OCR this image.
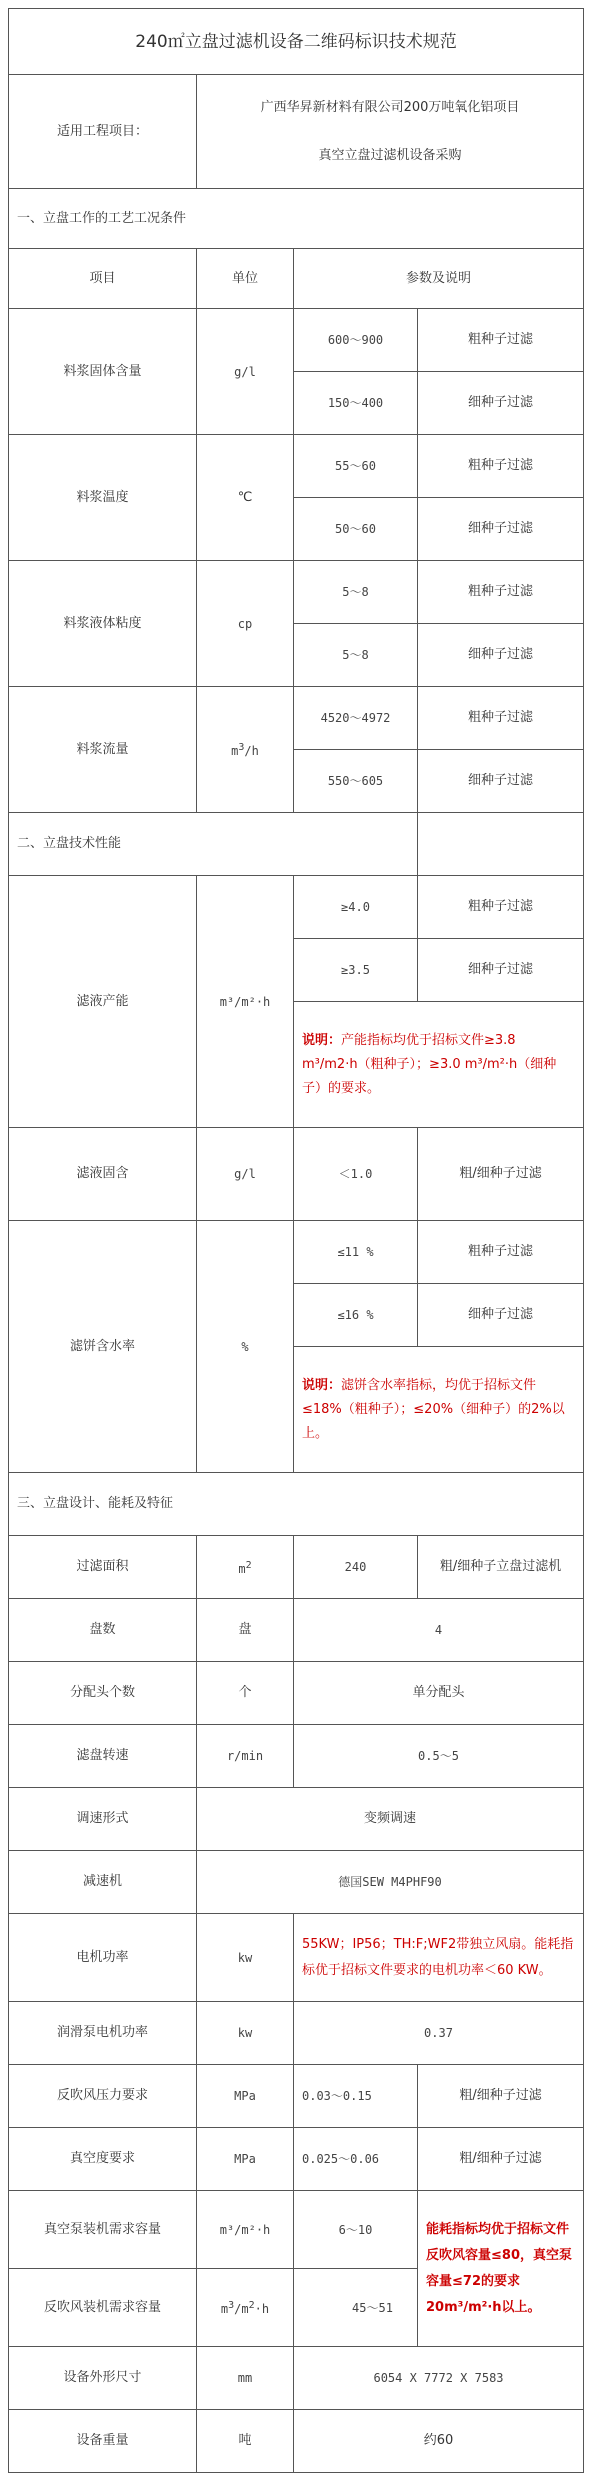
240㎡立盘过滤机设备二维码标识技术规范			
适用工程项目：	广西华昇新材料有限公司200万吨氧化铝项目
真空立盘过滤机设备采购		

一、立盘工作的工艺工况条件			
项目	单位	参数及说明	
料浆固体含量	g/l	600～900	粗种子过滤
		150～400	细种子过滤
料浆温度	℃	55～60	粗种子过滤
		50～60	细种子过滤
料浆液体粘度	cp	5～8	粗种子过滤
		5～8	细种子过滤
料浆流量	$m^3/h$	4520～4972	粗种子过滤
		550～605	细种子过滤
二、立盘技术性能			
滤液产能	m³/m²·h	≥4.0	粗种子过滤
		≥3.5	细种子过滤
		说明：产能指标均优于招标文件≥3.8 m³/m2·h（粗种子）；≥3.0 m³/m²·h（细种子）的要求。	
滤液固含	g/l	＜1.0	粗/细种子过滤
滤饼含水率	%	≤11 %	粗种子过滤
		≤16 %	细种子过滤
		说明：滤饼含水率指标，均优于招标文件≤18%（粗种子）；≤20%（细种子）的2%以上。	
三、立盘设计、能耗及特征			
过滤面积	$m^2$	240	粗/细种子立盘过滤机
盘数	盘	4	
分配头个数	个	单分配头	
滤盘转速	r/min	0.5～5	
调速形式	变频调速		
减速机	德国SEW M4PHF90		
电机功率	kw	55KW；IP56；TH:F;WF2带独立风扇。能耗指标优于招标文件要求的电机功率＜60 KW。	
润滑泵电机功率	kw	0.37	
反吹风压力要求	MPa	0.03～0.15	粗/细种子过滤
真空度要求	MPa	0.025～0.06	粗/细种子过滤
真空泵装机需求容量	m³/m²·h	6～10	能耗指标均优于招标文件反吹风容量≤80，真空泵容量≤72的要求20m³/m²·h以上。
反吹风装机需求容量	$m^3/m^2\cdot h$	45～51	
设备外形尺寸	mm	6054 X 7772 X 7583	
设备重量	吨	约60	
